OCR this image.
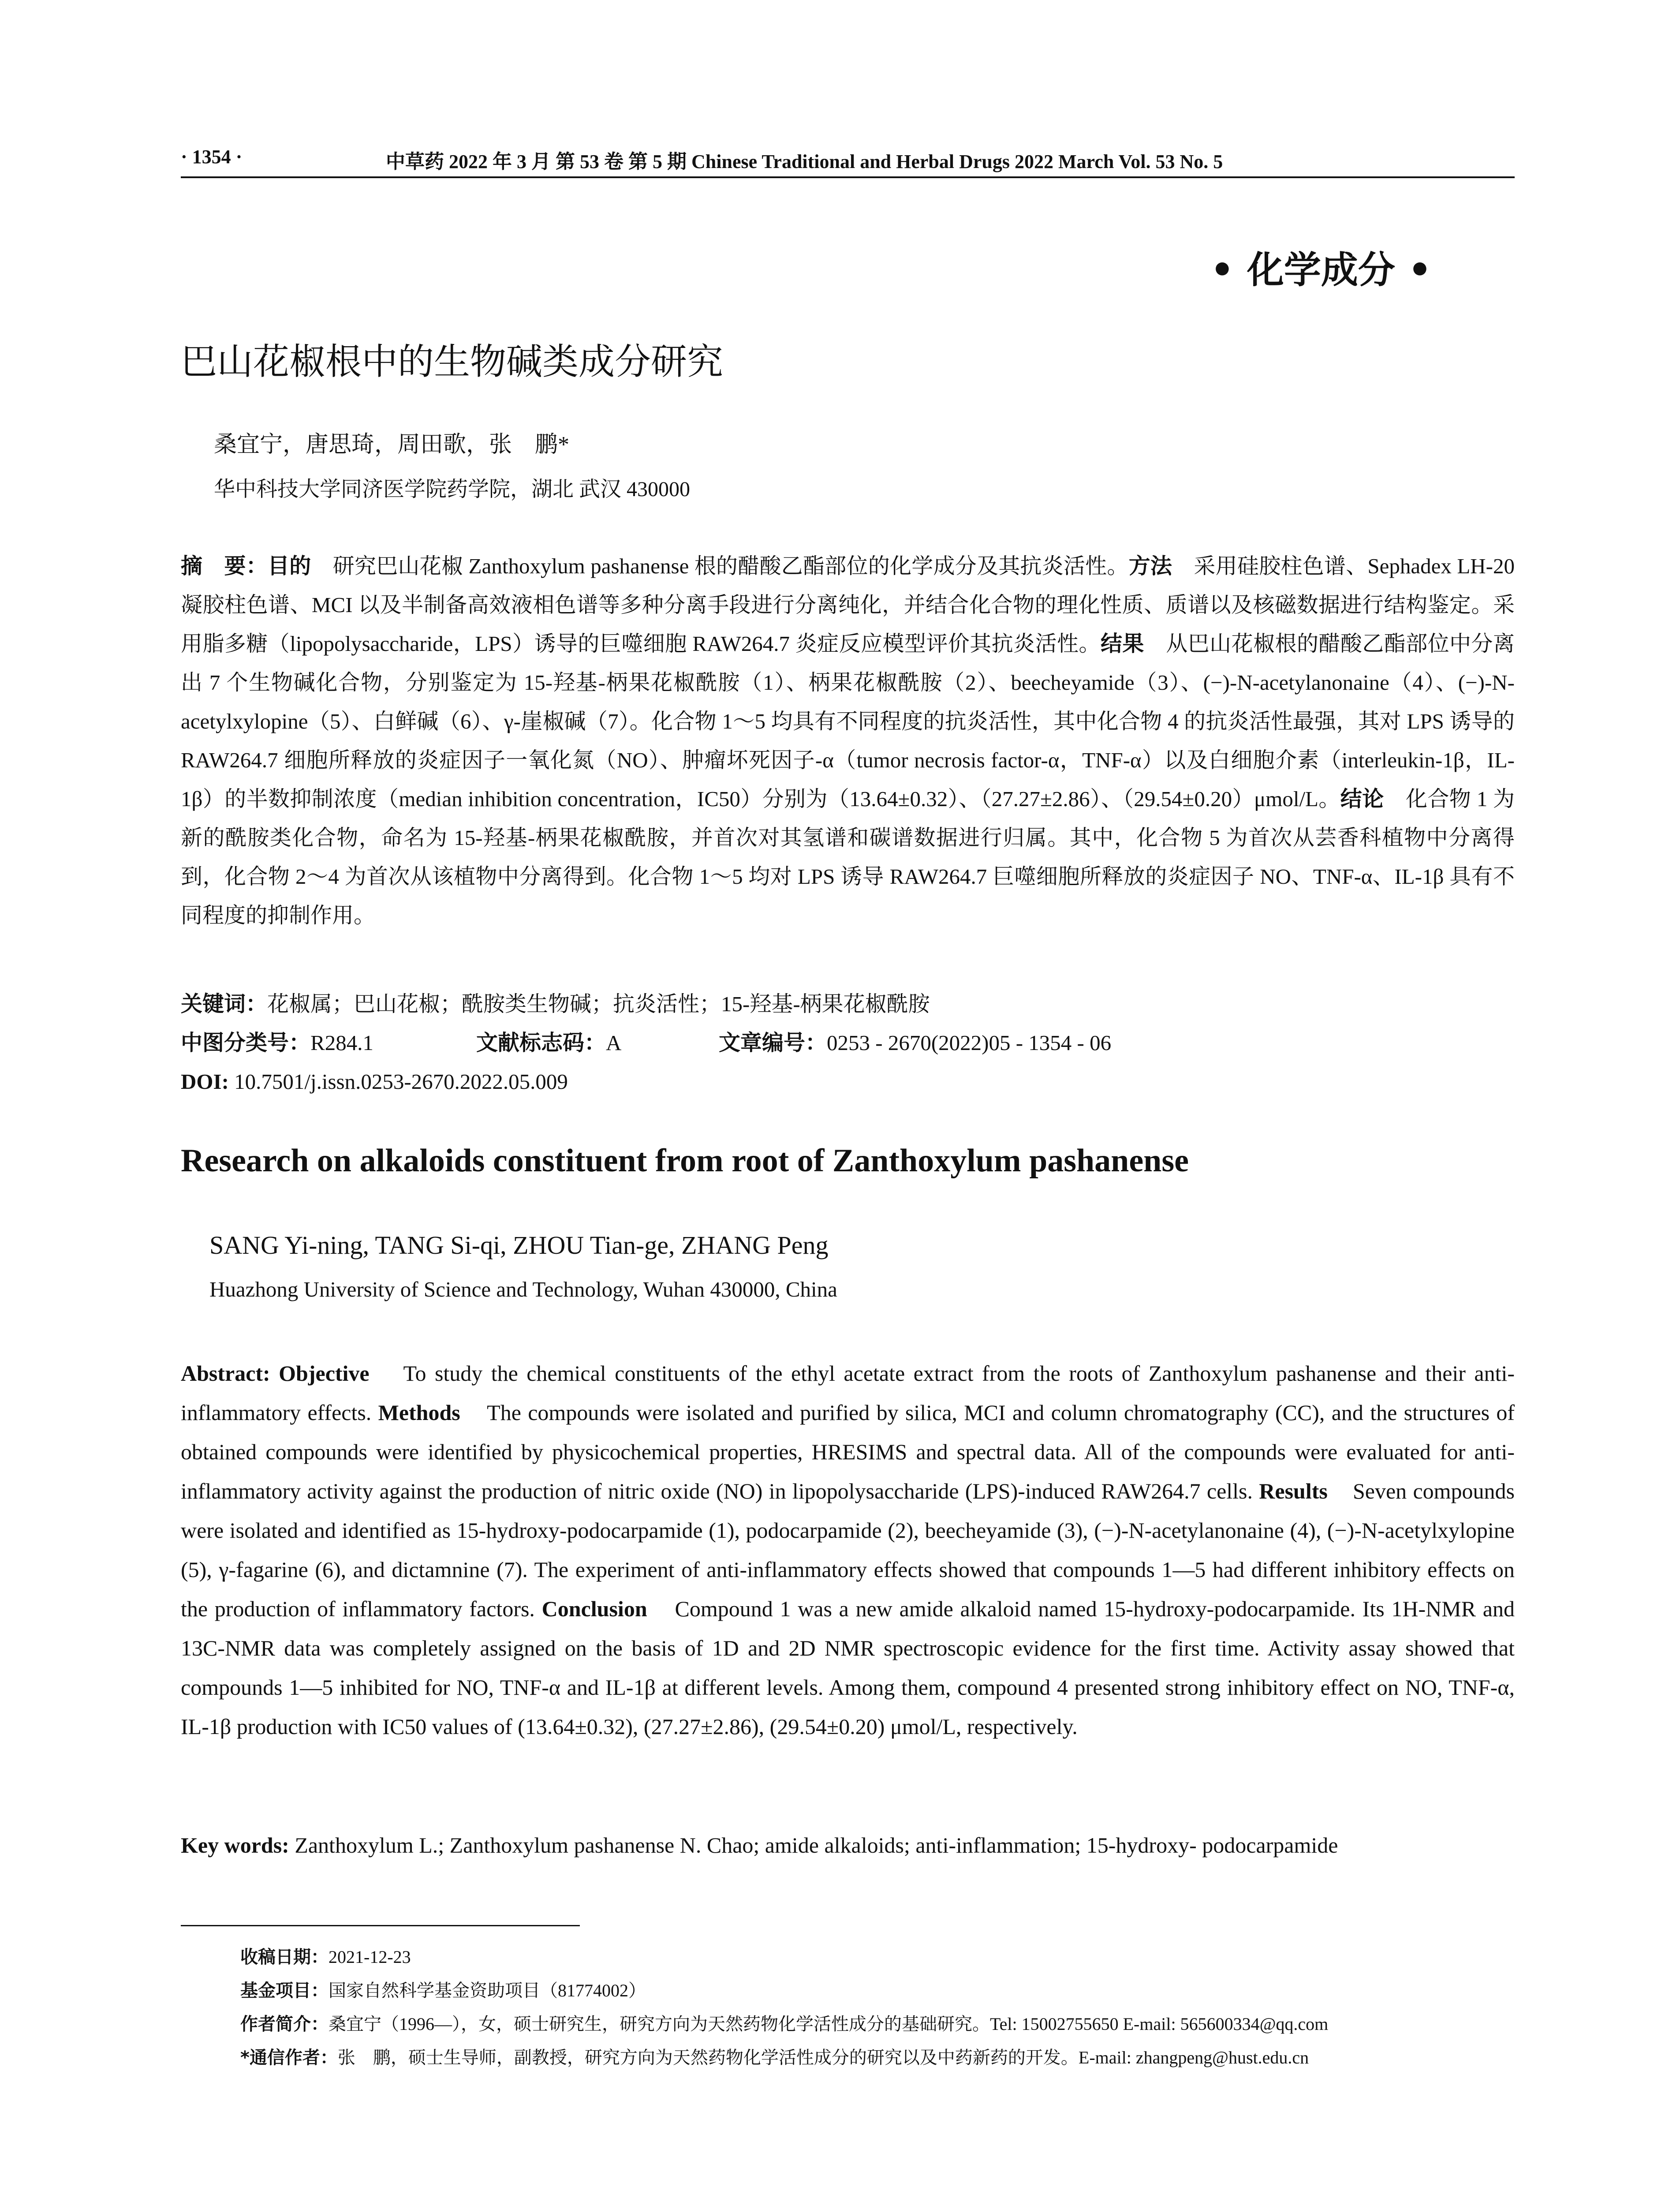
· 1354 ·	中草药 2022 年 3 月 第 53 卷 第 5 期 Chinese Traditional and Herbal Drugs 2022 March Vol. 53 No. 5
• 化学成分 •
巴山花椒根中的生物碱类成分研究
桑宜宁，唐思琦，周田歌，张　鹏*
华中科技大学同济医学院药学院，湖北 武汉 430000
摘　要：目的　研究巴山花椒 Zanthoxylum pashanense 根的醋酸乙酯部位的化学成分及其抗炎活性。方法　采用硅胶柱色谱、Sephadex LH-20 凝胶柱色谱、MCI 以及半制备高效液相色谱等多种分离手段进行分离纯化，并结合化合物的理化性质、质谱以及核磁数据进行结构鉴定。采用脂多糖（lipopolysaccharide，LPS）诱导的巨噬细胞 RAW264.7 炎症反应模型评价其抗炎活性。结果　从巴山花椒根的醋酸乙酯部位中分离出 7 个生物碱化合物，分别鉴定为 15-羟基-柄果花椒酰胺（1）、柄果花椒酰胺（2）、beecheyamide（3）、(−)-N-acetylanonaine（4）、(−)-N-acetylxylopine（5）、白鲜碱（6）、γ-崖椒碱（7）。化合物 1～5 均具有不同程度的抗炎活性，其中化合物 4 的抗炎活性最强，其对 LPS 诱导的 RAW264.7 细胞所释放的炎症因子一氧化氮（NO）、肿瘤坏死因子-α（tumor necrosis factor-α，TNF-α）以及白细胞介素（interleukin-1β，IL-1β）的半数抑制浓度（median inhibition concentration，IC50）分别为（13.64±0.32）、（27.27±2.86）、（29.54±0.20）μmol/L。结论　化合物 1 为新的酰胺类化合物，命名为 15-羟基-柄果花椒酰胺，并首次对其氢谱和碳谱数据进行归属。其中，化合物 5 为首次从芸香科植物中分离得到，化合物 2～4 为首次从该植物中分离得到。化合物 1～5 均对 LPS 诱导 RAW264.7 巨噬细胞所释放的炎症因子 NO、TNF-α、IL-1β 具有不同程度的抑制作用。
关键词：花椒属；巴山花椒；酰胺类生物碱；抗炎活性；15-羟基-柄果花椒酰胺
中图分类号：R284.1	文献标志码：A	文章编号：0253 - 2670(2022)05 - 1354 - 06
DOI: 10.7501/j.issn.0253-2670.2022.05.009
Research on alkaloids constituent from root of Zanthoxylum pashanense
SANG Yi-ning, TANG Si-qi, ZHOU Tian-ge, ZHANG Peng
Huazhong University of Science and Technology, Wuhan 430000, China
Abstract: Objective    To study the chemical constituents of the ethyl acetate extract from the roots of Zanthoxylum pashanense and their anti-inflammatory effects. Methods    The compounds were isolated and purified by silica, MCI and column chromatography (CC), and the structures of obtained compounds were identified by physicochemical properties, HRESIMS and spectral data. All of the compounds were evaluated for anti-inflammatory activity against the production of nitric oxide (NO) in lipopolysaccharide (LPS)-induced RAW264.7 cells. Results    Seven compounds were isolated and identified as 15-hydroxy-podocarpamide (1), podocarpamide (2), beecheyamide (3), (−)-N-acetylanonaine (4), (−)-N-acetylxylopine (5), γ-fagarine (6), and dictamnine (7). The experiment of anti-inflammatory effects showed that compounds 1—5 had different inhibitory effects on the production of inflammatory factors. Conclusion    Compound 1 was a new amide alkaloid named 15-hydroxy-podocarpamide. Its 1H-NMR and 13C-NMR data was completely assigned on the basis of 1D and 2D NMR spectroscopic evidence for the first time. Activity assay showed that compounds 1—5 inhibited for NO, TNF-α and IL-1β at different levels. Among them, compound 4 presented strong inhibitory effect on NO, TNF-α, IL-1β production with IC50 values of (13.64±0.32), (27.27±2.86), (29.54±0.20) μmol/L, respectively.
Key words: Zanthoxylum L.; Zanthoxylum pashanense N. Chao; amide alkaloids; anti-inflammation; 15-hydroxy- podocarpamide
收稿日期：2021-12-23
基金项目：国家自然科学基金资助项目（81774002）
作者简介：桑宜宁（1996—），女，硕士研究生，研究方向为天然药物化学活性成分的基础研究。Tel: 15002755650 E-mail: 565600334@qq.com
*通信作者：张　鹏，硕士生导师，副教授，研究方向为天然药物化学活性成分的研究以及中药新药的开发。E-mail: zhangpeng@hust.edu.cn
